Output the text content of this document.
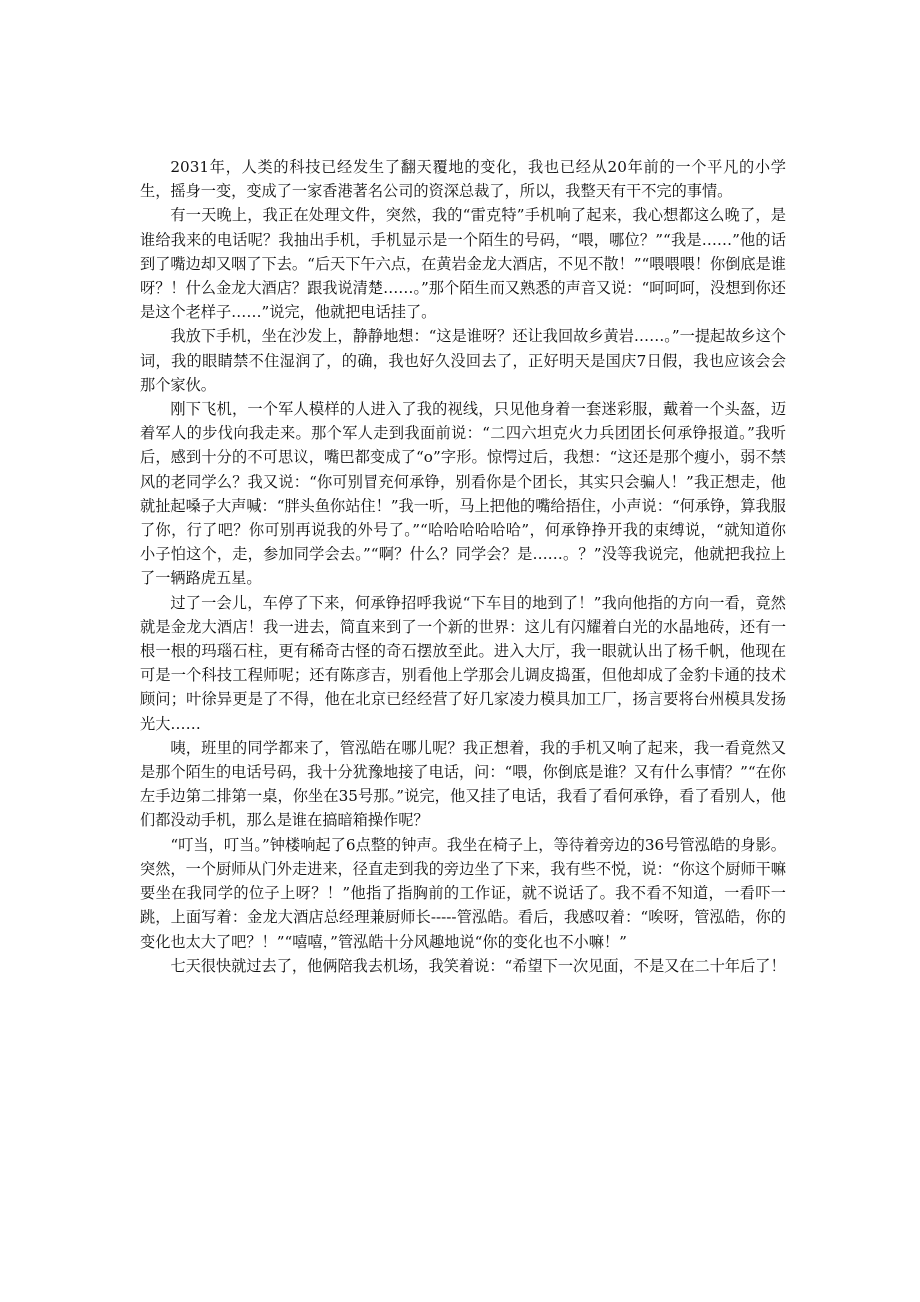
2031年，人类的科技已经发生了翻天覆地的变化，我也已经从20年前的一个平凡的小学生，摇身一变，变成了一家香港著名公司的资深总裁了，所以，我整天有干不完的事情。

有一天晚上，我正在处理文件，突然，我的“雷克特”手机响了起来，我心想都这么晚了，是谁给我来的电话呢？我抽出手机，手机显示是一个陌生的号码，“喂，哪位？”“我是……”他的话到了嘴边却又咽了下去。“后天下午六点，在黄岩金龙大酒店，不见不散！”“喂喂喂！你倒底是谁呀？！什么金龙大酒店？跟我说清楚……。”那个陌生而又熟悉的声音又说：“呵呵呵，没想到你还是这个老样子……”说完，他就把电话挂了。

我放下手机，坐在沙发上，静静地想：“这是谁呀？还让我回故乡黄岩……。”一提起故乡这个词，我的眼睛禁不住湿润了，的确，我也好久没回去了，正好明天是国庆7日假，我也应该会会那个家伙。

刚下飞机，一个军人模样的人进入了我的视线，只见他身着一套迷彩服，戴着一个头盔，迈着军人的步伐向我走来。那个军人走到我面前说：“二四六坦克火力兵团团长何承铮报道。”我听后，感到十分的不可思议，嘴巴都变成了“o”字形。惊愕过后，我想：“这还是那个瘦小，弱不禁风的老同学么？我又说：“你可别冒充何承铮，别看你是个团长，其实只会骗人！”我正想走，他就扯起嗓子大声喊：“胖头鱼你站住！”我一听，马上把他的嘴给捂住，小声说：“何承铮，算我服了你，行了吧？你可别再说我的外号了。”“哈哈哈哈哈哈”，何承铮挣开我的束缚说，“就知道你小子怕这个，走，参加同学会去。”“啊？什么？同学会？是……。？”没等我说完，他就把我拉上了一辆路虎五星。

过了一会儿，车停了下来，何承铮招呼我说“下车目的地到了！”我向他指的方向一看，竟然就是金龙大酒店！我一进去，简直来到了一个新的世界：这儿有闪耀着白光的水晶地砖，还有一根一根的玛瑙石柱，更有稀奇古怪的奇石摆放至此。进入大厅，我一眼就认出了杨千帆，他现在可是一个科技工程师呢；还有陈彦吉，别看他上学那会儿调皮捣蛋，但他却成了金豹卡通的技术顾问；叶徐异更是了不得，他在北京已经经营了好几家凌力模具加工厂，扬言要将台州模具发扬光大……

咦，班里的同学都来了，管泓皓在哪儿呢？我正想着，我的手机又响了起来，我一看竟然又是那个陌生的电话号码，我十分犹豫地接了电话，问：“喂，你倒底是谁？又有什么事情？”“在你左手边第二排第一桌，你坐在35号那。”说完，他又挂了电话，我看了看何承铮，看了看别人，他们都没动手机，那么是谁在搞暗箱操作呢？

“叮当，叮当。”钟楼响起了6点整的钟声。我坐在椅子上，等待着旁边的36号管泓皓的身影。突然，一个厨师从门外走进来，径直走到我的旁边坐了下来，我有些不悦，说：“你这个厨师干嘛要坐在我同学的位子上呀？！”他指了指胸前的工作证，就不说话了。我不看不知道，一看吓一跳，上面写着：金龙大酒店总经理兼厨师长-----管泓皓。看后，我感叹着：“唉呀，管泓皓，你的变化也太大了吧？！”“嘻嘻，”管泓皓十分风趣地说“你的变化也不小嘛！”

七天很快就过去了，他俩陪我去机场，我笑着说：“希望下一次见面，不是又在二十年后了！
